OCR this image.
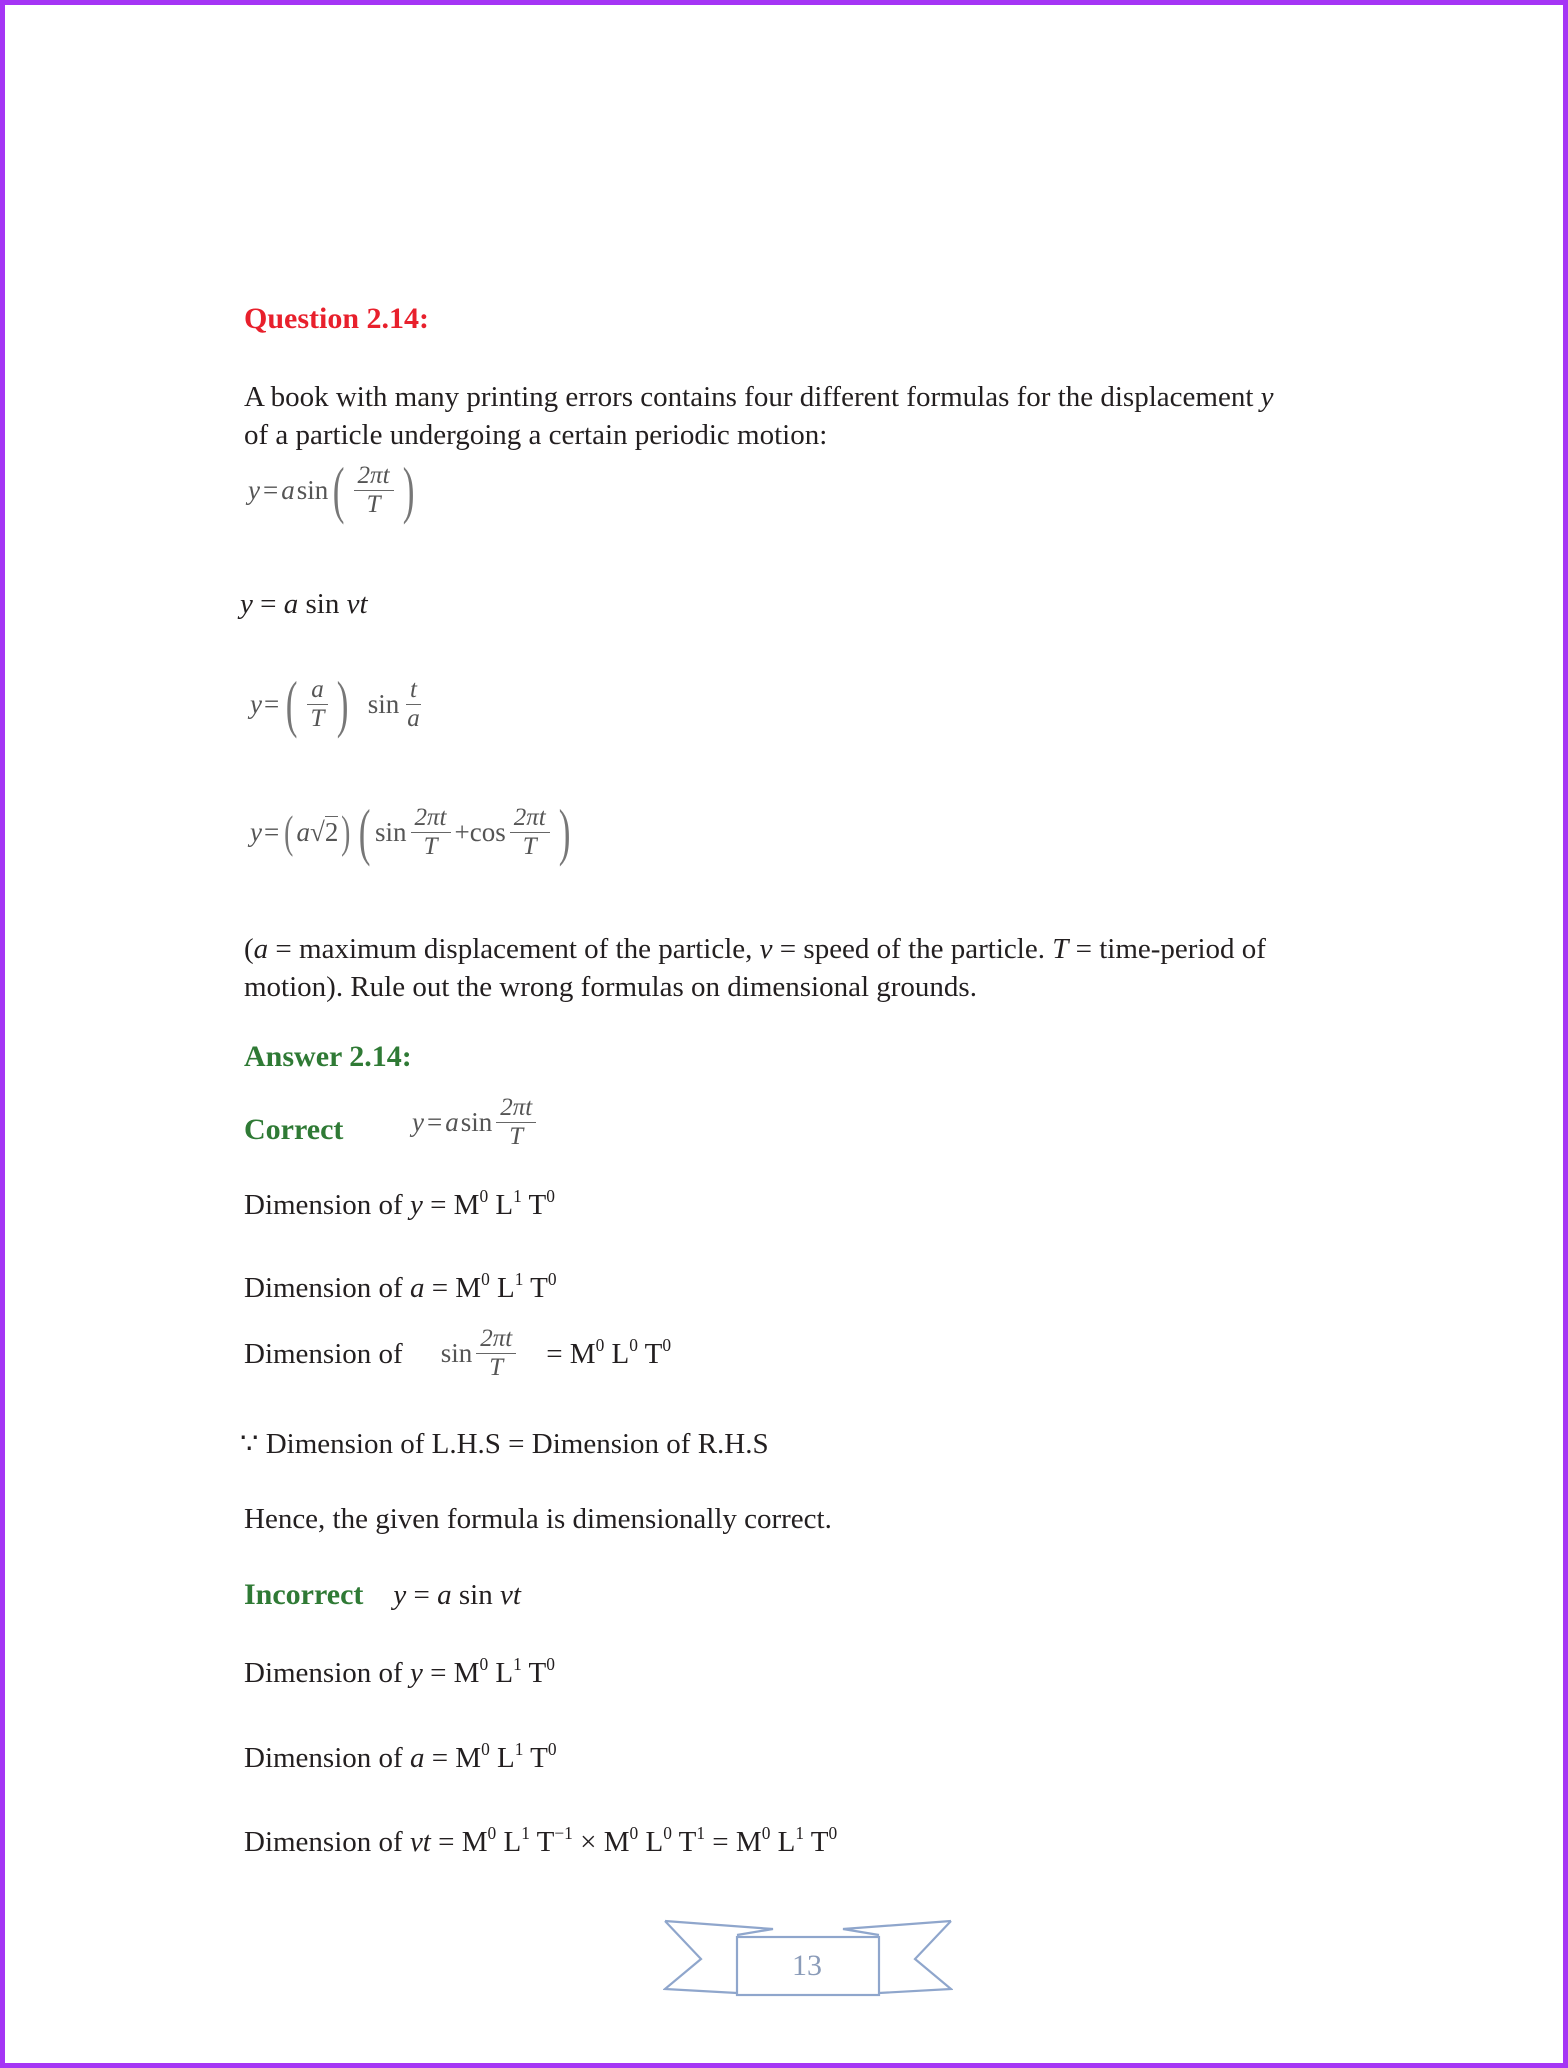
Question 2.14:
A book with many printing errors contains four different formulas for the displacement y
of a particle undergoing a certain periodic motion:
y = a sin ( $\frac{2\pi t}{T}$ )
y = a sin vt
y = ( $\frac{a}{T}$ ) $\sin \frac{t}{a}$
y = ( a √ 2 ) ( $\sin \frac{2\pi t}{T} + \cos \frac{2\pi t}{T}$ )
(a = maximum displacement of the particle, v = speed of the particle. T = time-period of
motion). Rule out the wrong formulas on dimensional grounds.
Answer 2.14:
Correct	y = a $\sin \frac{2\pi t}{T}$
Dimension of $y = M^0$ $L^1$ $T^0$
Dimension of $a = M^0$ $L^1$ $T^0$
Dimension of $\sin \frac{2\pi t}{T} = M^0$ $L^0$ $T^0$
∵ Dimension of L.H.S = Dimension of R.H.S
Hence, the given formula is dimensionally correct.
Incorrect y = a sin vt
Dimension of $y = M^0$ $L^1$ $T^0$
Dimension of $a = M^0$ $L^1$ $T^0$
Dimension of vt = $M^0$ $L^1$ $T^{-1} \times M^0$ $L^0$ $T^1 = M^0$ $L^1$ $T^0$
13
